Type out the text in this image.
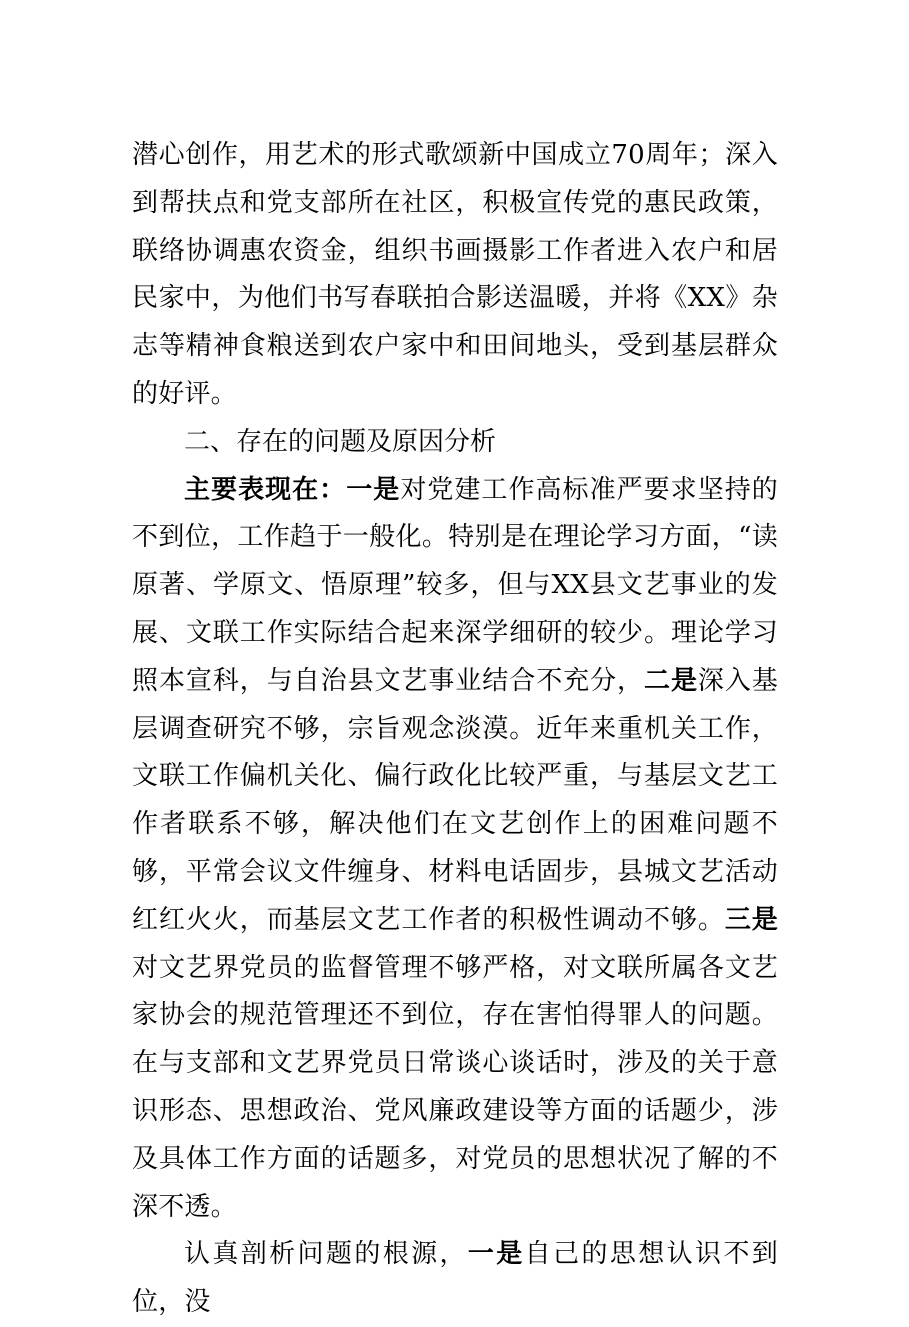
潜心创作，用艺术的形式歌颂新中国成立70周年；深入到帮扶点和党支部所在社区，积极宣传党的惠民政策，联络协调惠农资金，组织书画摄影工作者进入农户和居民家中，为他们书写春联拍合影送温暖，并将《XX》杂志等精神食粮送到农户家中和田间地头，受到基层群众的好评。

二、存在的问题及原因分析

主要表现在：一是对党建工作高标准严要求坚持的不到位，工作趋于一般化。特别是在理论学习方面，“读原著、学原文、悟原理”较多，但与XX县文艺事业的发展、文联工作实际结合起来深学细研的较少。理论学习照本宣科，与自治县文艺事业结合不充分，二是深入基层调查研究不够，宗旨观念淡漠。近年来重机关工作，文联工作偏机关化、偏行政化比较严重，与基层文艺工作者联系不够，解决他们在文艺创作上的困难问题不够，平常会议文件缠身、材料电话固步，县城文艺活动红红火火，而基层文艺工作者的积极性调动不够。三是对文艺界党员的监督管理不够严格，对文联所属各文艺家协会的规范管理还不到位，存在害怕得罪人的问题。在与支部和文艺界党员日常谈心谈话时，涉及的关于意识形态、思想政治、党风廉政建设等方面的话题少，涉及具体工作方面的话题多，对党员的思想状况了解的不深不透。

认真剖析问题的根源，一是自己的思想认识不到位，没
